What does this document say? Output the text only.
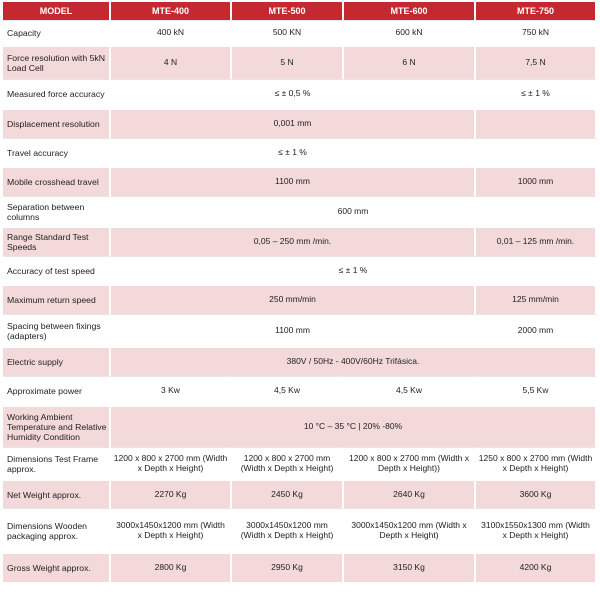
MODEL	MTE-400	MTE-500	MTE-600	MTE-750
Capacity	400 kN	500 KN	600 kN	750 kN
Force resolution with 5kN Load Cell	4 N	5 N	6 N	7,5 N
Measured force accuracy	≤ ± 0,5 %			≤ ± 1 %
Displacement resolution	0,001 mm			
Travel accuracy	≤ ± 1 %			
Mobile crosshead travel	1100 mm			1000 mm
Separation between columns	600 mm			
Range Standard Test Speeds	0,05 – 250 mm /min.			0,01 – 125 mm /min.
Accuracy of test speed	≤ ± 1 %			
Maximum return speed	250 mm/min			125 mm/min
Spacing between fixings (adapters)	1100 mm			2000 mm
Electric supply	380V / 50Hz - 400V/60Hz Trifásica.			
Approximate power	3 Kw	4,5 Kw	4,5 Kw	5,5 Kw
Working Ambient Temperature and Relative Humidity Condition	10 °C – 35 °C | 20% -80%			
Dimensions Test Frame approx.	1200 x 800 x 2700 mm (Width x Depth x Height)	1200 x 800 x 2700 mm (Width x Depth x Height)	1200 x 800 x 2700 mm (Width x Depth x Height))	1250 x 800 x 2700 mm (Width x Depth x Height)
Net Weight approx.	2270 Kg	2450 Kg	2640 Kg	3600 Kg
Dimensions Wooden packaging approx.	3000x1450x1200 mm (Width x Depth x Height)	3000x1450x1200 mm (Width x Depth x Height)	3000x1450x1200 mm (Width x Depth x Height)	3100x1550x1300 mm (Width x Depth x Height)
Gross Weight approx.	2800 Kg	2950 Kg	3150 Kg	4200 Kg
